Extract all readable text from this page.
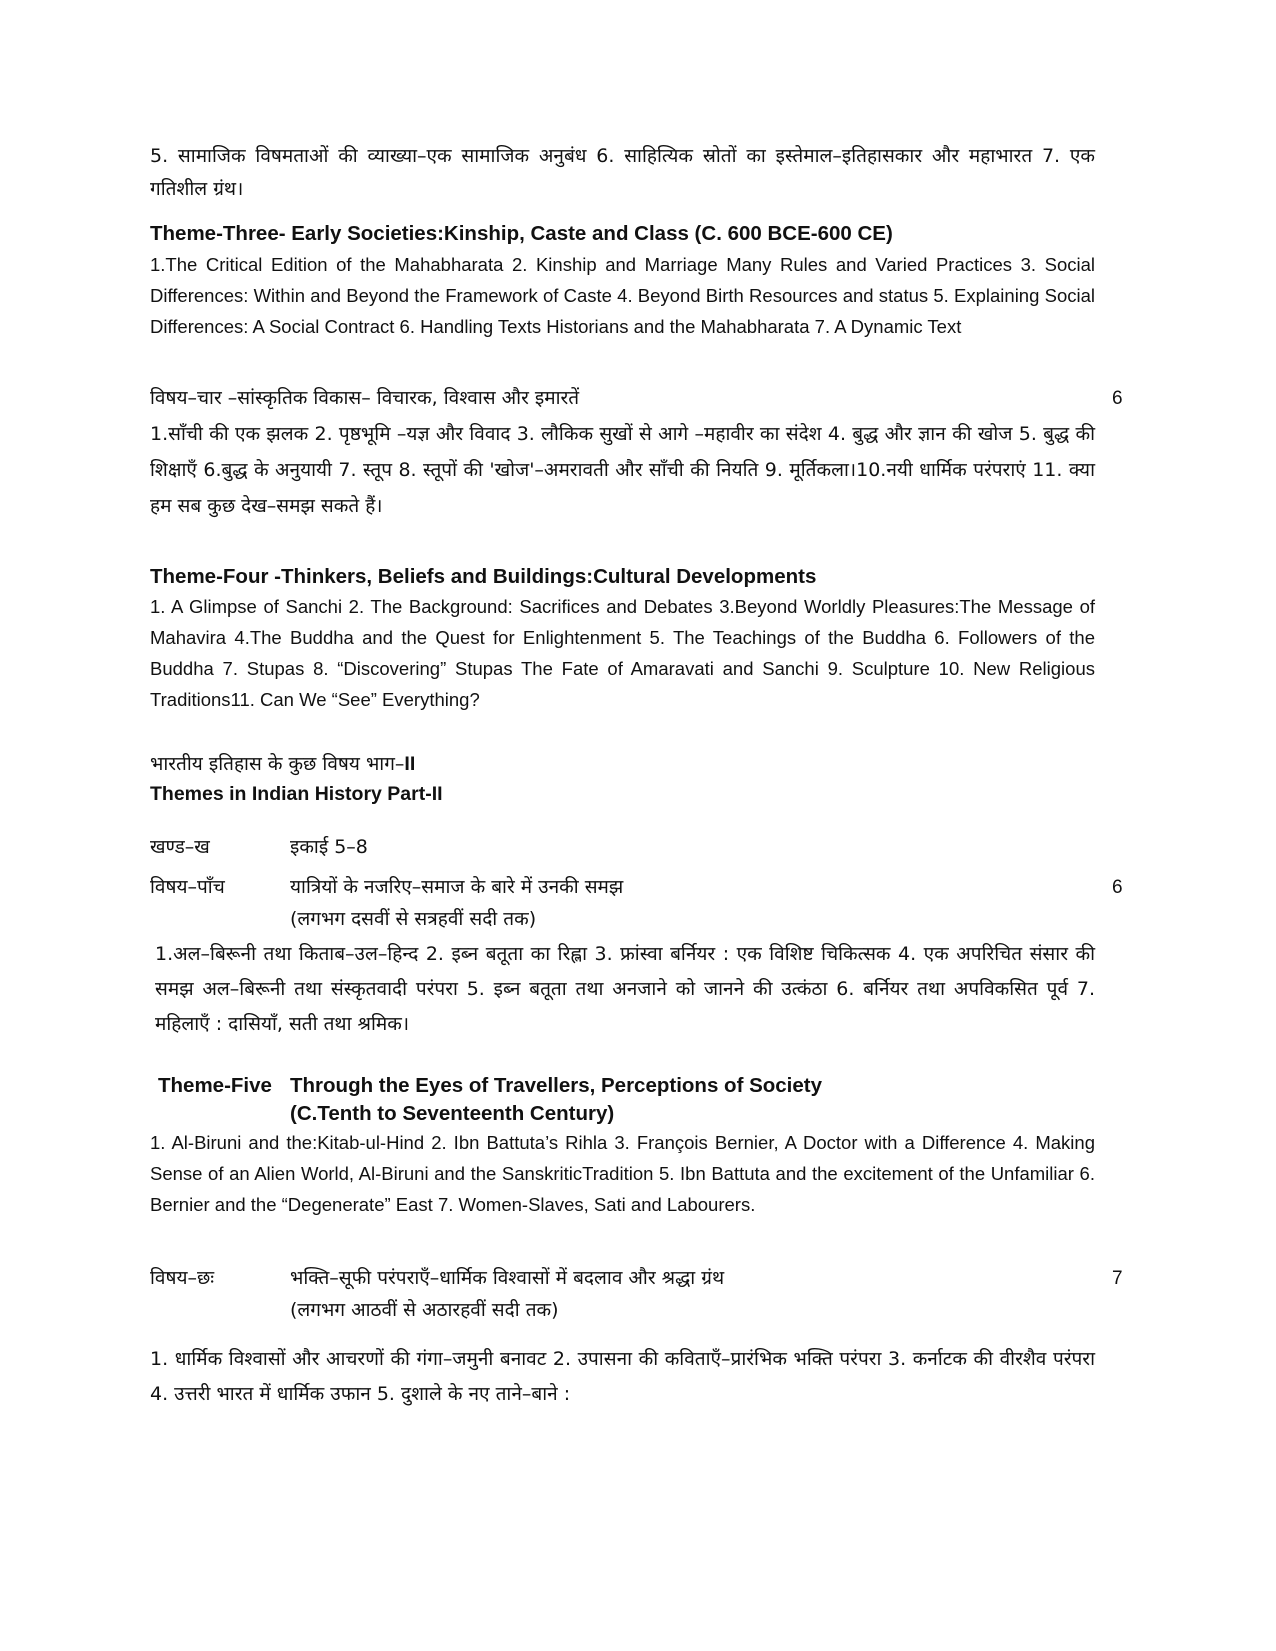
5. सामाजिक विषमताओं की व्याख्या–एक सामाजिक अनुबंध 6. साहित्यिक स्रोतों का इस्तेमाल–इतिहासकार और महाभारत 7. एक गतिशील ग्रंथ।
Theme-Three- Early Societies:Kinship, Caste and Class (C. 600 BCE-600 CE)
1.The Critical Edition of the Mahabharata 2. Kinship and Marriage Many Rules and Varied Practices 3. Social Differences: Within and Beyond the Framework of Caste 4. Beyond Birth Resources and status 5. Explaining Social Differences: A Social Contract 6. Handling Texts Historians and the Mahabharata 7. A Dynamic Text
विषय–चार –सांस्कृतिक विकास– विचारक, विश्वास और इमारतें	6
1.साँची की एक झलक 2. पृष्ठभूमि –यज्ञ और विवाद 3. लौकिक सुखों से आगे –महावीर का संदेश 4. बुद्ध और ज्ञान की खोज 5. बुद्ध की शिक्षाएँ 6.बुद्ध के अनुयायी 7. स्तूप 8. स्तूपों की 'खोज'–अमरावती और साँची की नियति 9. मूर्तिकला।10.नयी धार्मिक परंपराएं 11. क्या हम सब कुछ देख–समझ सकते हैं।
Theme-Four -Thinkers, Beliefs and Buildings:Cultural Developments
1. A Glimpse of Sanchi 2. The Background: Sacrifices and Debates 3.Beyond Worldly Pleasures:The Message of Mahavira 4.The Buddha and the Quest for Enlightenment 5. The Teachings of the Buddha 6. Followers of the Buddha 7. Stupas 8. “Discovering” Stupas The Fate of Amaravati and Sanchi 9. Sculpture 10. New Religious Traditions11. Can We “See” Everything?
भारतीय इतिहास के कुछ विषय भाग–II
Themes in Indian History Part-II
खण्ड–ख	इकाई 5–8
विषय–पाँच	यात्रियों के नजरिए–समाज के बारे में उनकी समझ	6
(लगभग दसवीं से सत्रहवीं सदी तक)
1.अल–बिरूनी तथा किताब–उल–हिन्द 2. इब्न बतूता का रिह्ला 3. फ्रांस्वा बर्नियर : एक विशिष्ट चिकित्सक 4. एक अपरिचित संसार की समझ अल–बिरूनी तथा संस्कृतवादी परंपरा 5. इब्न बतूता तथा अनजाने को जानने की उत्कंठा 6. बर्नियर तथा अपविकसित पूर्व 7. महिलाएँ : दासियाँ, सती तथा श्रमिक।
Theme-Five Through the Eyes of Travellers, Perceptions of Society
(C.Tenth to Seventeenth Century)
1. Al-Biruni and the:Kitab-ul-Hind 2. Ibn Battuta’s Rihla 3. François Bernier, A Doctor with a Difference 4. Making Sense of an Alien World, Al-Biruni and the SanskriticTradition 5. Ibn Battuta and the excitement of the Unfamiliar 6. Bernier and the “Degenerate” East 7. Women-Slaves, Sati and Labourers.
विषय–छः	भक्ति–सूफी परंपराएँ–धार्मिक विश्वासों में बदलाव और श्रद्धा ग्रंथ	7
(लगभग आठवीं से अठारहवीं सदी तक)
1. धार्मिक विश्वासों और आचरणों की गंगा–जमुनी बनावट 2. उपासना की कविताएँ–प्रारंभिक भक्ति परंपरा 3. कर्नाटक की वीरशैव परंपरा 4. उत्तरी भारत में धार्मिक उफान 5. दुशाले के नए ताने–बाने :
